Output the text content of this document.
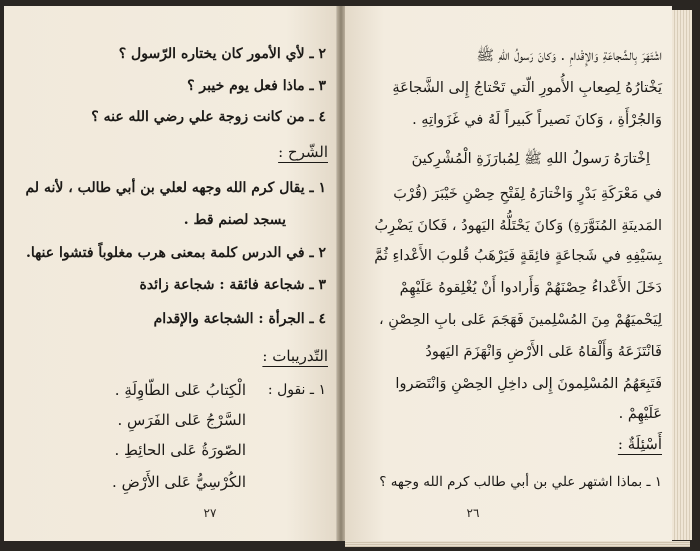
٢ ـ لأي الأمور كان يختاره الرّسول ؟
٣ ـ ماذا فعل يوم خيبر ؟
٤ ـ من كانت زوجة علي رضي الله عنه ؟
الشّرح :
١ ـ يقال كرم الله وجهه لعلي بن أبي طالب ، لأنه لم
يسجد لصنم قط .
٢ ـ في الدرس كلمة بمعنى هرب مغلوباً فتشوا عنها.
٣ ـ شجاعة فائقة : شجاعة زائدة
٤ ـ الجرأة : الشجاعة والإقدام
التّدريبات :
١ ـ نقول :
الْكِتابُ عَلى الطّاوِلَةِ .
السَّرْجُ عَلى الفَرَسِ .
الصّورَةُ عَلى الحائِطِ .
الكُرْسِيُّ عَلى الأَرْضِ .
٢٧
اشْتَهَرَ بِالشَّجاعَةِ وَالإِقْدامِ . وَكانَ رَسولُ اللهِ ﷺ
يَخْتارُهُ لِصِعابِ الأُمورِ الّتي تَحْتاجُ إِلى الشَّجاعَةِ
وَالجُرْأَةِ ، وَكانَ نَصيراً كَبيراً لَهُ في غَزَواتِهِ .
اِخْتارَهُ رَسولُ اللهِ ﷺ لِمُبارَزَةِ الْمُشْرِكينَ
في مَعْرَكَةِ بَدْرٍ وَاخْتارَهُ لِفَتْحِ حِصْنِ خَيْبَرَ (قُرْبَ
المَدينَةِ المُنَوَّرَةِ) وَكانَ يَحْتَلُّهُ اليَهودُ ، فَكانَ يَضْرِبُ
بِسَيْفِهِ في شَجاعَةٍ فائِقَةٍ فَيَرْهَبُ قُلوبَ الأَعْداءِ ثُمَّ
دَخَلَ الأَعْداءُ حِصْنَهُمْ وَأَرادوا أَنْ يُغْلِقوهُ عَلَيْهِمْ
لِيَحْميَهُمْ مِنَ المُسْلِمينَ فَهَجَمَ عَلى بابِ الحِصْنِ ،
فَانْتَزَعَهُ وَأَلْقاهُ عَلى الأَرْضِ وَانْهَزَمَ اليَهودُ
فَتَبِعَهُمُ المُسْلِمونَ إِلى داخِلِ الحِصْنِ وَانْتَصَروا
عَلَيْهِمْ .
أَسْئِلَةٌ :
١ ـ بماذا اشتهر علي بن أبي طالب كرم الله وجهه ؟
٢٦
